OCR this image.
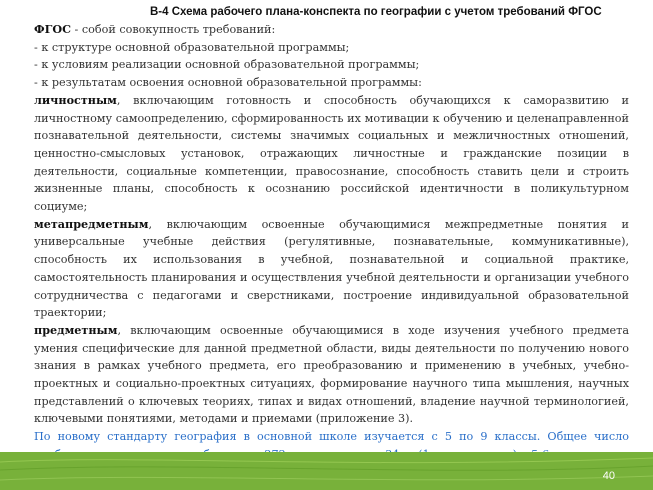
В-4 Схема рабочего плана-конспекта по географии с учетом требований ФГОС

ФГОС - собой совокупность требований:

- к структуре основной образовательной программы;

- к условиям реализации основной образовательной программы;

- к результатам освоения основной образовательной программы:

личностным, включающим готовность и способность обучающихся к саморазвитию и личностному самоопределению, сформированность их мотивации к обучению и целенаправленной познавательной деятельности, системы значимых социальных и межличностных отношений, ценностно-смысловых установок, отражающих личностные и гражданские позиции в деятельности, социальные компетенции, правосознание, способность ставить цели и строить жизненные планы, способность к осознанию российской идентичности в поликультурном социуме;

метапредметным, включающим освоенные обучающимися межпредметные понятия и универсальные учебные действия (регулятивные, познавательные, коммуникативные), способность их использования в учебной, познавательной и социальной практике, самостоятельность планирования и осуществления учебной деятельности и организации учебного сотрудничества с педагогами и сверстниками, построение индивидуальной образовательной траектории;

предметным, включающим освоенные обучающимися в ходе изучения учебного предмета умения специфические для данной предметной области, виды деятельности по получению нового знания в рамках учебного предмета, его преобразованию и применению в учебных, учебно-проектных и социально-проектных ситуациях, формирование научного типа мышления, научных представлений о ключевых теориях, типах и видах отношений, владение научной терминологией, ключевыми понятиями, методами и приемами (приложение 3).

По новому стандарту география в основной школе изучается с 5 по 9 классы. Общее число

40
